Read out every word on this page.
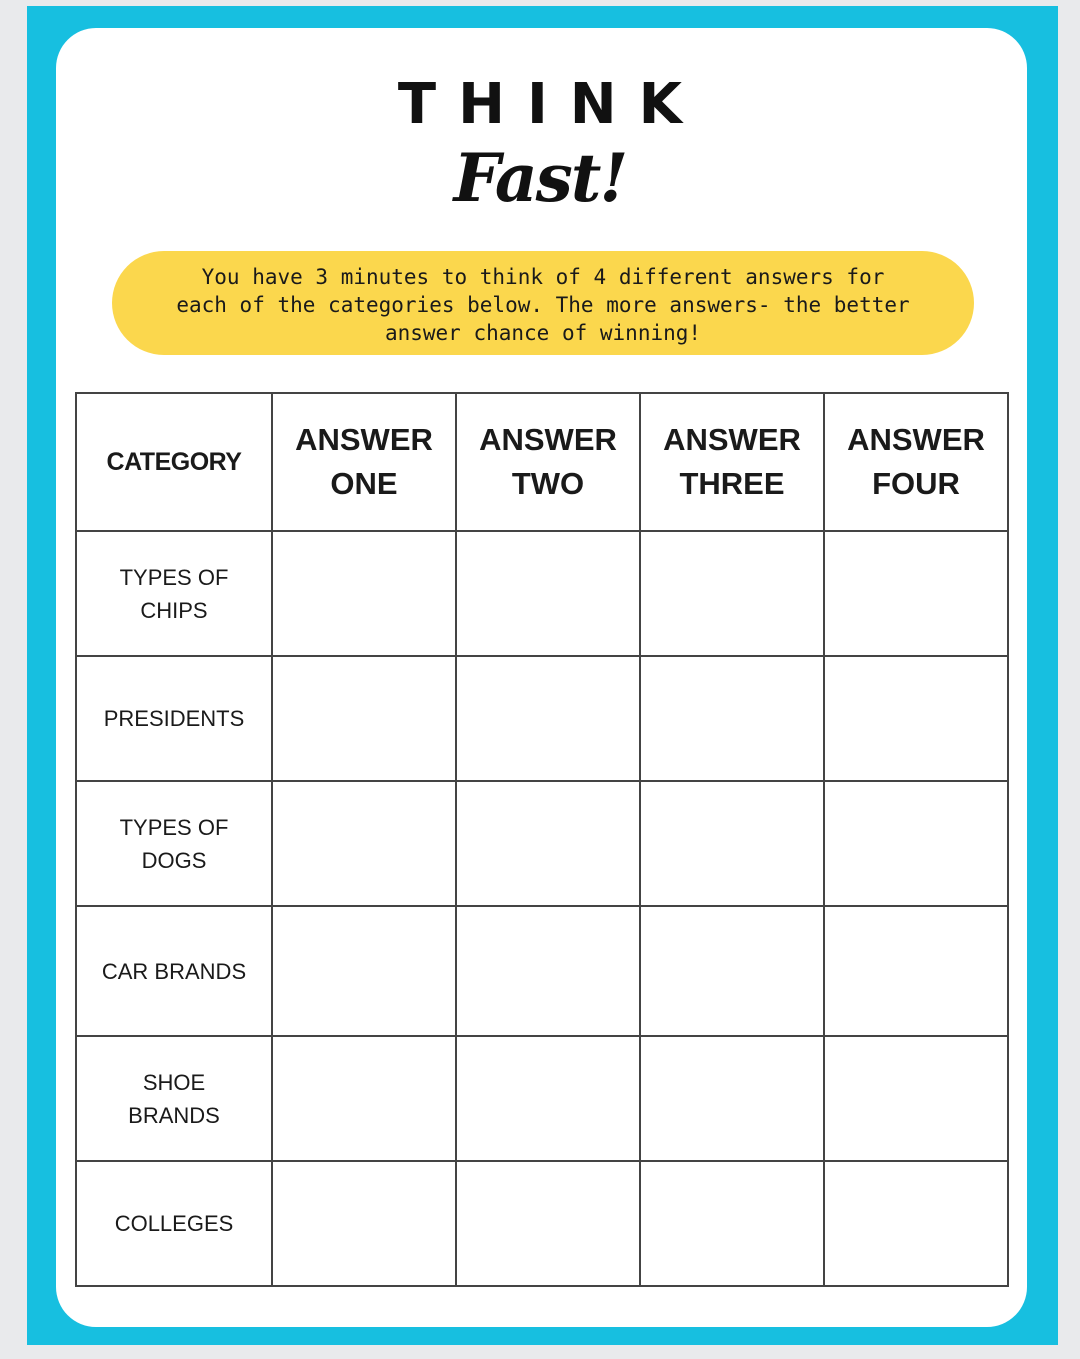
THINK
Fast!
You have 3 minutes to think of 4 different answers for each of the categories below. The more answers- the better answer chance of winning!
CATEGORY	ANSWER ONE	ANSWER TWO	ANSWER THREE	ANSWER FOUR
TYPES OF CHIPS				
PRESIDENTS				
TYPES OF DOGS				
CAR BRANDS				
SHOE BRANDS				
COLLEGES				
